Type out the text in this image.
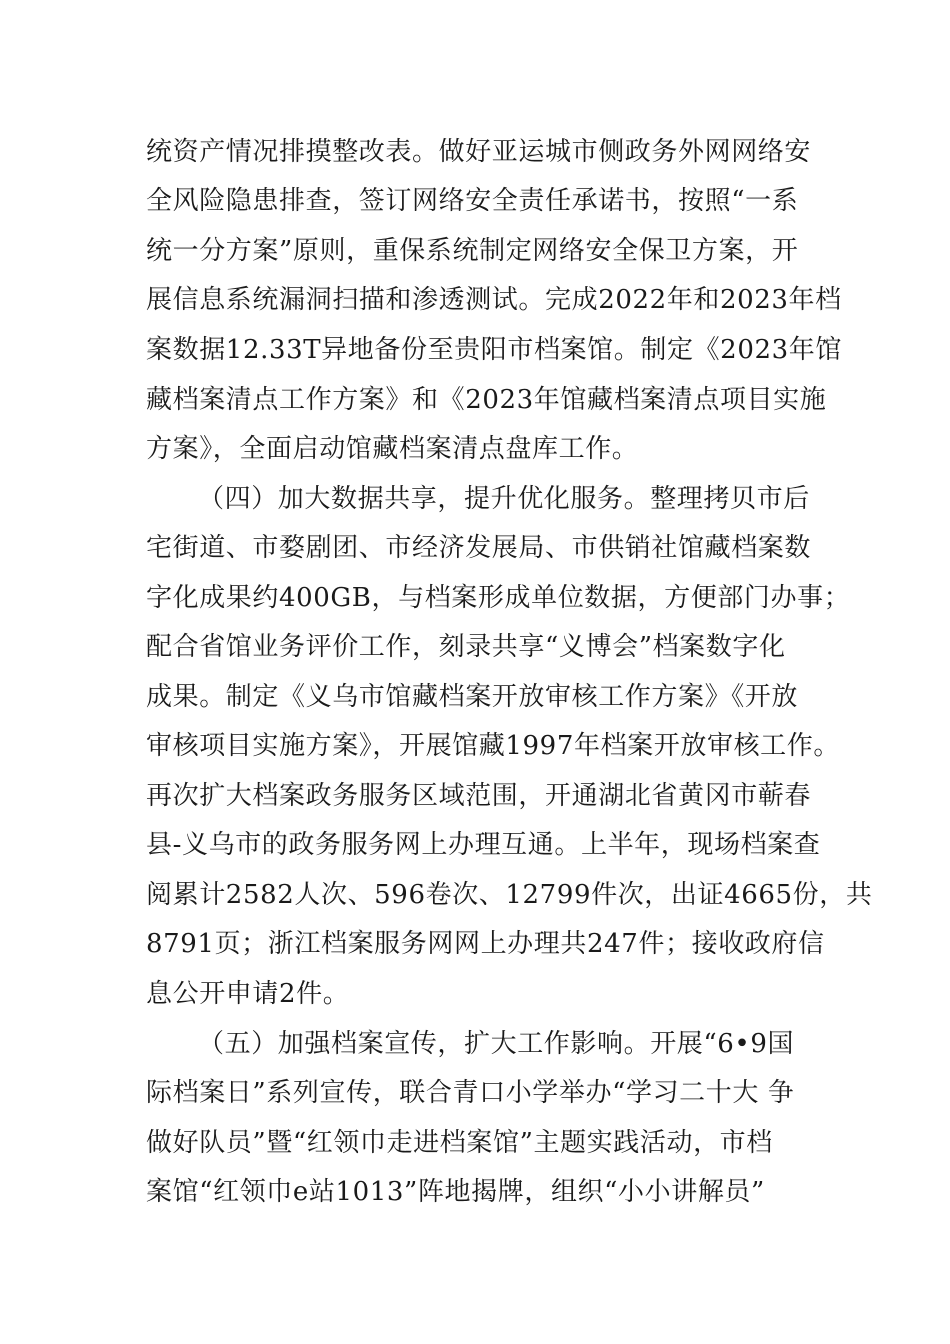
统资产情况排摸整改表。做好亚运城市侧政务外网网络安
全风险隐患排查，签订网络安全责任承诺书，按照“一系
统一分方案”原则，重保系统制定网络安全保卫方案，开
展信息系统漏洞扫描和渗透测试。完成2022年和2023年档
案数据12.33T异地备份至贵阳市档案馆。制定《2023年馆
藏档案清点工作方案》和《2023年馆藏档案清点项目实施
方案》，全面启动馆藏档案清点盘库工作。
（四）加大数据共享，提升优化服务。整理拷贝市后
宅街道、市婺剧团、市经济发展局、市供销社馆藏档案数
字化成果约400GB，与档案形成单位数据，方便部门办事；
配合省馆业务评价工作，刻录共享“义博会”档案数字化
成果。制定《义乌市馆藏档案开放审核工作方案》《开放
审核项目实施方案》，开展馆藏1997年档案开放审核工作。
再次扩大档案政务服务区域范围，开通湖北省黄冈市蕲春
县-义乌市的政务服务网上办理互通。上半年，现场档案查
阅累计2582人次、596卷次、12799件次，出证4665份，共
8791页；浙江档案服务网网上办理共247件；接收政府信
息公开申请2件。
（五）加强档案宣传，扩大工作影响。开展“6•9国
际档案日”系列宣传，联合青口小学举办“学习二十大 争
做好队员”暨“红领巾走进档案馆”主题实践活动，市档
案馆“红领巾e站1013”阵地揭牌，组织“小小讲解员”
